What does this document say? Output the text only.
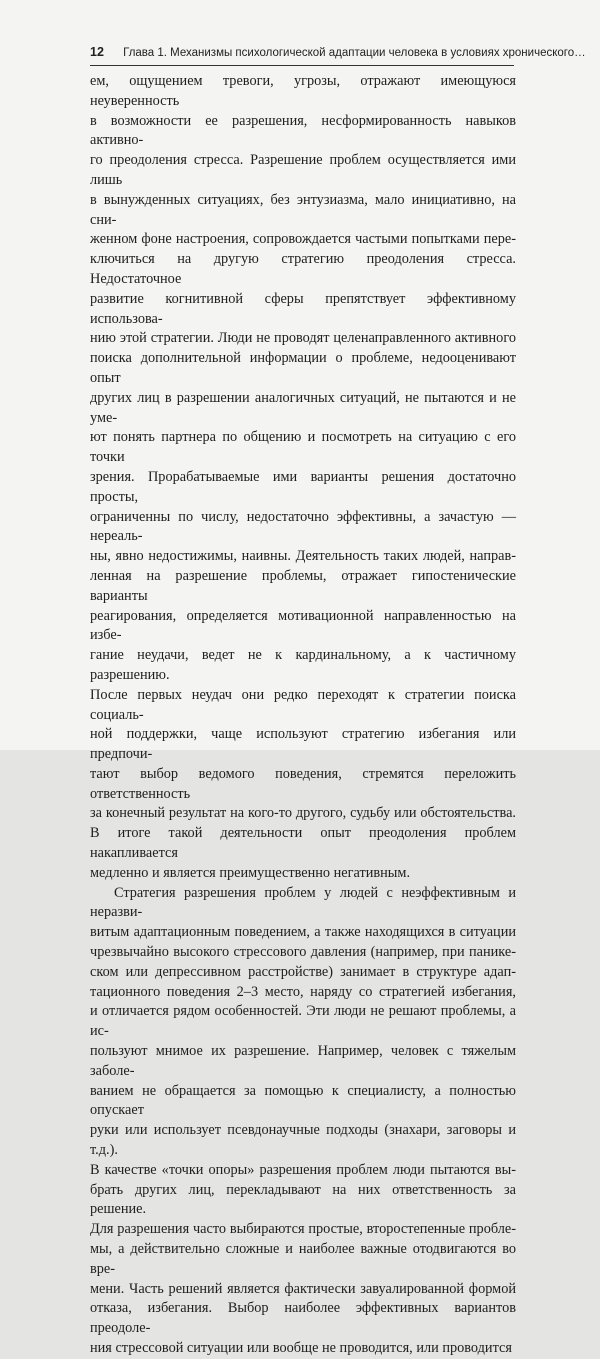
12 Глава 1. Механизмы психологической адаптации человека в условиях хронического…
ем, ощущением тревоги, угрозы, отражают имеющуюся неуверенность
в возможности ее разрешения, несформированность навыков активно-
го преодоления стресса. Разрешение проблем осуществляется ими лишь
в вынужденных ситуациях, без энтузиазма, мало инициативно, на сни-
женном фоне настроения, сопровождается частыми попытками пере-
ключиться на другую стратегию преодоления стресса. Недостаточное
развитие когнитивной сферы препятствует эффективному использова-
нию этой стратегии. Люди не проводят целенаправленного активного
поиска дополнительной информации о проблеме, недооценивают опыт
других лиц в разрешении аналогичных ситуаций, не пытаются и не уме-
ют понять партнера по общению и посмотреть на ситуацию с его точки
зрения. Прорабатываемые ими варианты решения достаточно просты,
ограниченны по числу, недостаточно эффективны, а зачастую — нереаль-
ны, явно недостижимы, наивны. Деятельность таких людей, направ-
ленная на разрешение проблемы, отражает гипостенические варианты
реагирования, определяется мотивационной направленностью на избе-
гание неудачи, ведет не к кардинальному, а к частичному разрешению.
После первых неудач они редко переходят к стратегии поиска социаль-
ной поддержки, чаще используют стратегию избегания или предпочи-
тают выбор ведомого поведения, стремятся переложить ответственность
за конечный результат на кого-то другого, судьбу или обстоятельства.
В итоге такой деятельности опыт преодоления проблем накапливается
медленно и является преимущественно негативным.
Стратегия разрешения проблем у людей с неэффективным и неразви-
витым адаптационным поведением, а также находящихся в ситуации
чрезвычайно высокого стрессового давления (например, при панике-
ском или депрессивном расстройстве) занимает в структуре адап-
тационного поведения 2–3 место, наряду со стратегией избегания,
и отличается рядом особенностей. Эти люди не решают проблемы, а ис-
пользуют мнимое их разрешение. Например, человек с тяжелым заболе-
ванием не обращается за помощью к специалисту, а полностью опускает
руки или использует псевдонаучные подходы (знахари, заговоры и т.д.).
В качестве «точки опоры» разрешения проблем люди пытаются вы-
брать других лиц, перекладывают на них ответственность за решение.
Для разрешения часто выбираются простые, второстепенные пробле-
мы, а действительно сложные и наиболее важные отодвигаются во вре-
мени. Часть решений является фактически завуалированной формой
отказа, избегания. Выбор наиболее эффективных вариантов преодоле-
ния стрессовой ситуации или вообще не проводится, или проводится
